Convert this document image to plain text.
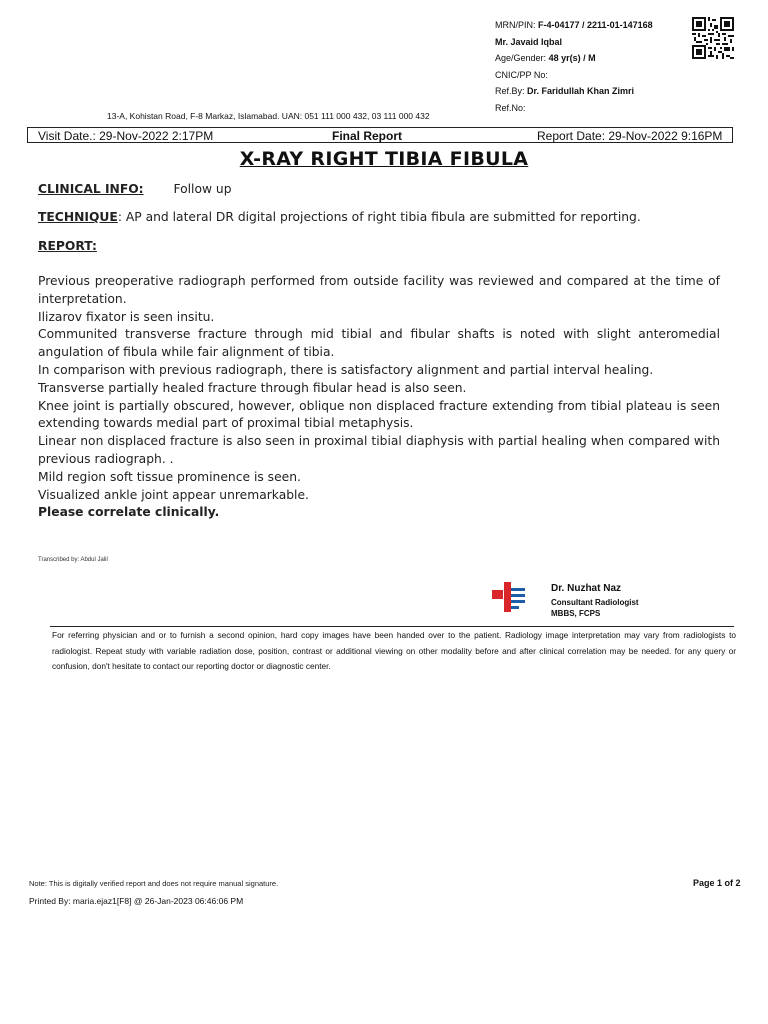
MRN/PIN: F-4-04177 / 2211-01-147168
Mr. Javaid Iqbal
Age/Gender: 48 yr(s) / M
CNIC/PP No:
Ref.By: Dr. Faridullah Khan Zimri
Ref.No:
13-A, Kohistan Road, F-8 Markaz, Islamabad. UAN: 051 111 000 432, 03 111 000 432
Visit Date.: 29-Nov-2022 2:17PM	Final Report	Report Date: 29-Nov-2022 9:16PM
X-RAY RIGHT TIBIA FIBULA
CLINICAL INFO: Follow up
TECHNIQUE: AP and lateral DR digital projections of right tibia fibula are submitted for reporting.
REPORT:
Previous preoperative radiograph performed from outside facility was reviewed and compared at the time of interpretation.
Ilizarov fixator is seen insitu.
Communited transverse fracture through mid tibial and fibular shafts is noted with slight anteromedial angulation of fibula while fair alignment of tibia.
In comparison with previous radiograph, there is satisfactory alignment and partial interval healing.
Transverse partially healed fracture through fibular head is also seen.
Knee joint is partially obscured, however, oblique non displaced fracture extending from tibial plateau is seen extending towards medial part of proximal tibial metaphysis.
Linear non displaced fracture is also seen in proximal tibial diaphysis with partial healing when compared with previous radiograph. .
Mild region soft tissue prominence is seen.
Visualized ankle joint appear unremarkable.
Please correlate clinically.
Transcribed by: Abdul Jalil
Dr. Nuzhat Naz
Consultant Radiologist
MBBS, FCPS
For referring physician and or to furnish a second opinion, hard copy images have been handed over to the patient. Radiology image interpretation may vary from radiologists to radiologist. Repeat study with variable radiation dose, position, contrast or additional viewing on other modality before and after clinical correlation may be needed. for any query or confusion, don't hesitate to contact our reporting doctor or diagnostic center.
Note: This is digitally verified report and does not require manual signature.	Page 1 of 2
Printed By: maria.ejaz1[F8] @ 26-Jan-2023 06:46:06 PM
